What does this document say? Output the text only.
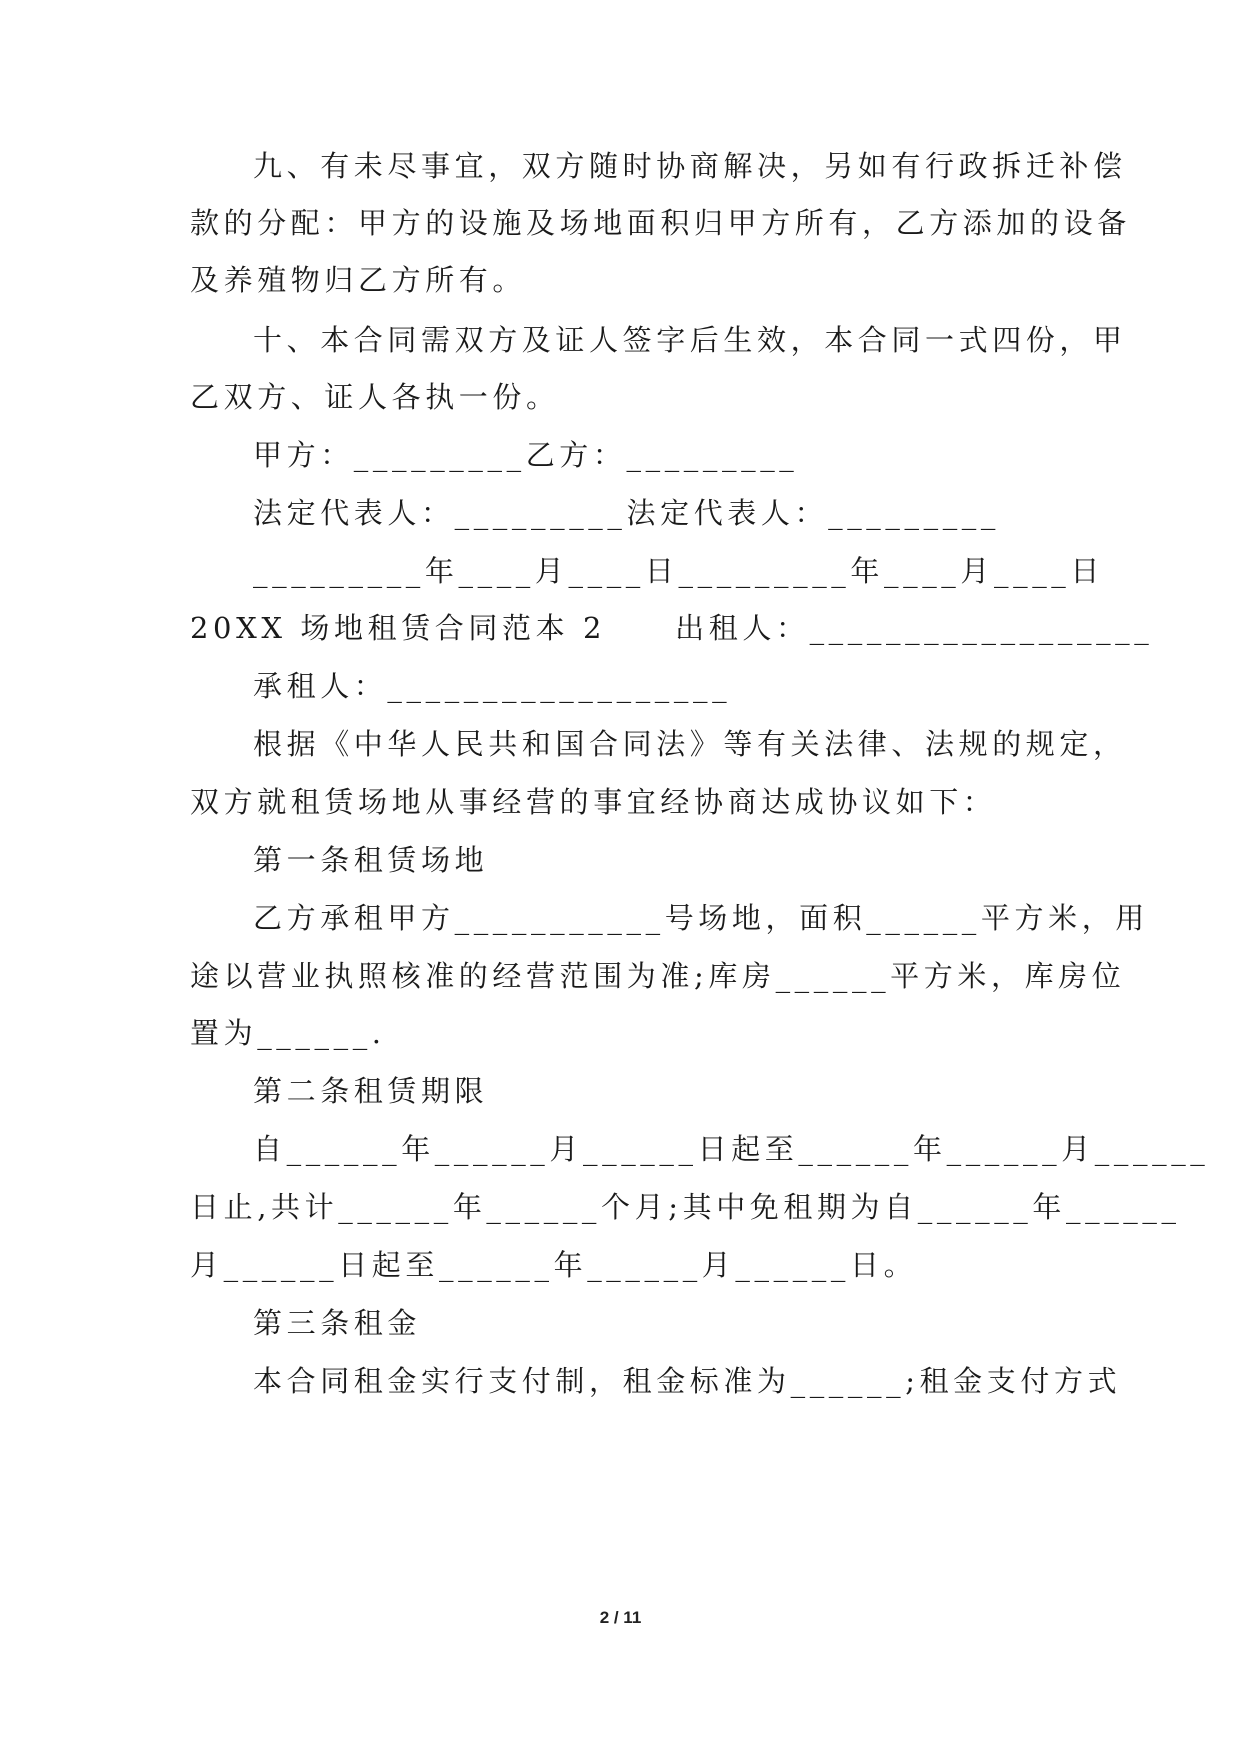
九、有未尽事宜，双方随时协商解决，另如有行政拆迁补偿
款的分配：甲方的设施及场地面积归甲方所有，乙方添加的设备
及养殖物归乙方所有。
十、本合同需双方及证人签字后生效，本合同一式四份，甲
乙双方、证人各执一份。
甲方：_________乙方：_________
法定代表人：_________法定代表人：_________
_________年____月____日_________年____月____日
20XX 场地租赁合同范本 2     出租人：__________________
承租人：__________________
根据《中华人民共和国合同法》等有关法律、法规的规定，
双方就租赁场地从事经营的事宜经协商达成协议如下：
第一条租赁场地
乙方承租甲方___________号场地，面积______平方米，用
途以营业执照核准的经营范围为准;库房______平方米，库房位
置为______.
第二条租赁期限
自______年______月______日起至______年______月______
日止,共计______年______个月;其中免租期为自______年______
月______日起至______年______月______日。
第三条租金
本合同租金实行支付制，租金标准为______;租金支付方式
2 / 11
